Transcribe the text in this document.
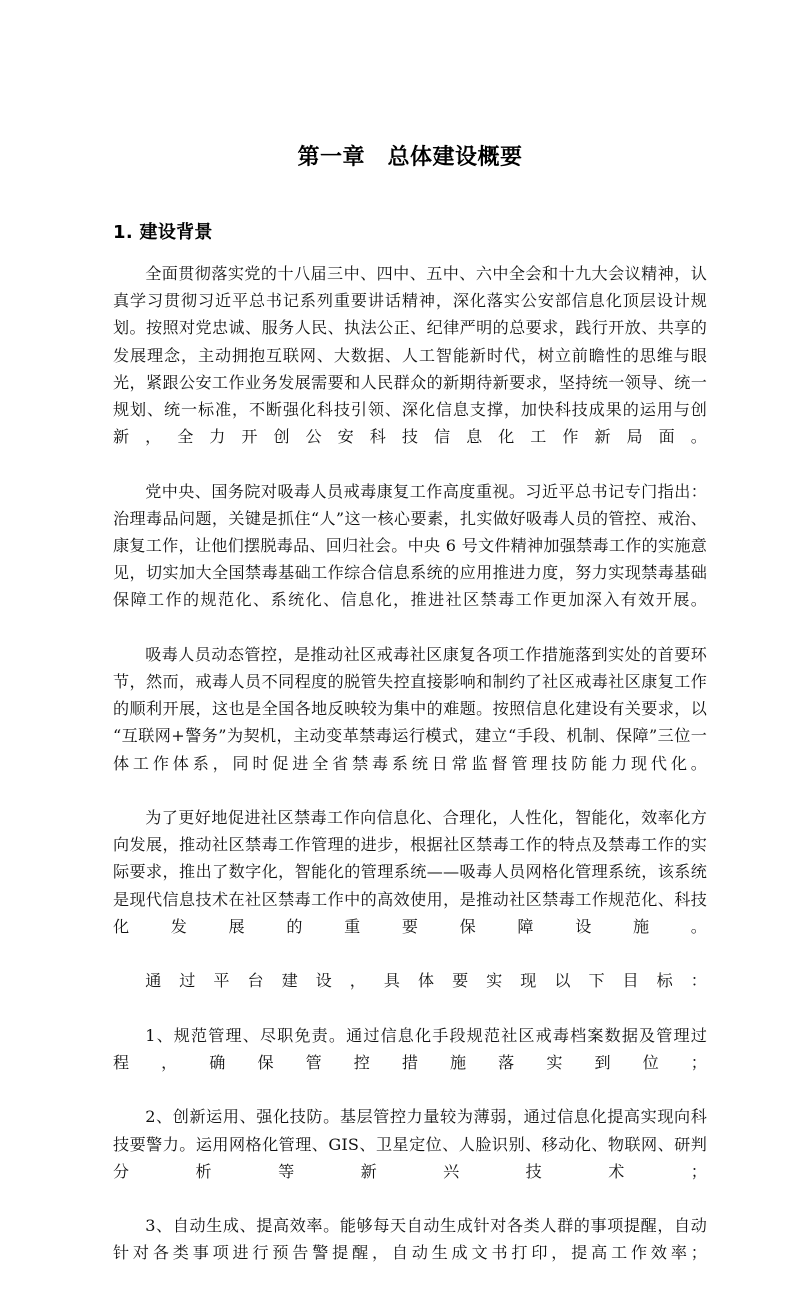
第一章　总体建设概要
1. 建设背景

全面贯彻落实党的十八届三中、四中、五中、六中全会和十九大会议精神，认真学习贯彻习近平总书记系列重要讲话精神，深化落实公安部信息化顶层设计规划。按照对党忠诚、服务人民、执法公正、纪律严明的总要求，践行开放、共享的发展理念，主动拥抱互联网、大数据、人工智能新时代，树立前瞻性的思维与眼光，紧跟公安工作业务发展需要和人民群众的新期待新要求，坚持统一领导、统一规划、统一标准，不断强化科技引领、深化信息支撑，加快科技成果的运用与创新，全力开创公安科技信息化工作新局面。

党中央、国务院对吸毒人员戒毒康复工作高度重视。习近平总书记专门指出：治理毒品问题，关键是抓住“人”这一核心要素，扎实做好吸毒人员的管控、戒治、康复工作，让他们摆脱毒品、回归社会。中央 6 号文件精神加强禁毒工作的实施意见，切实加大全国禁毒基础工作综合信息系统的应用推进力度，努力实现禁毒基础保障工作的规范化、系统化、信息化，推进社区禁毒工作更加深入有效开展。

吸毒人员动态管控，是推动社区戒毒社区康复各项工作措施落到实处的首要环节，然而，戒毒人员不同程度的脱管失控直接影响和制约了社区戒毒社区康复工作的顺利开展，这也是全国各地反映较为集中的难题。按照信息化建设有关要求，以“互联网+警务”为契机，主动变革禁毒运行模式，建立“手段、机制、保障”三位一体工作体系，同时促进全省禁毒系统日常监督管理技防能力现代化。

为了更好地促进社区禁毒工作向信息化、合理化，人性化，智能化，效率化方向发展，推动社区禁毒工作管理的进步，根据社区禁毒工作的特点及禁毒工作的实际要求，推出了数字化，智能化的管理系统——吸毒人员网格化管理系统，该系统是现代信息技术在社区禁毒工作中的高效使用，是推动社区禁毒工作规范化、科技化发展的重要保障设施。

通过平台建设，具体要实现以下目标：

1、规范管理、尽职免责。通过信息化手段规范社区戒毒档案数据及管理过程，确保管控措施落实到位；

2、创新运用、强化技防。基层管控力量较为薄弱，通过信息化提高实现向科技要警力。运用网格化管理、GIS、卫星定位、人脸识别、移动化、物联网、研判分析等新兴技术；

3、自动生成、提高效率。能够每天自动生成针对各类人群的事项提醒，自动针对各类事项进行预告警提醒，自动生成文书打印，提高工作效率；
